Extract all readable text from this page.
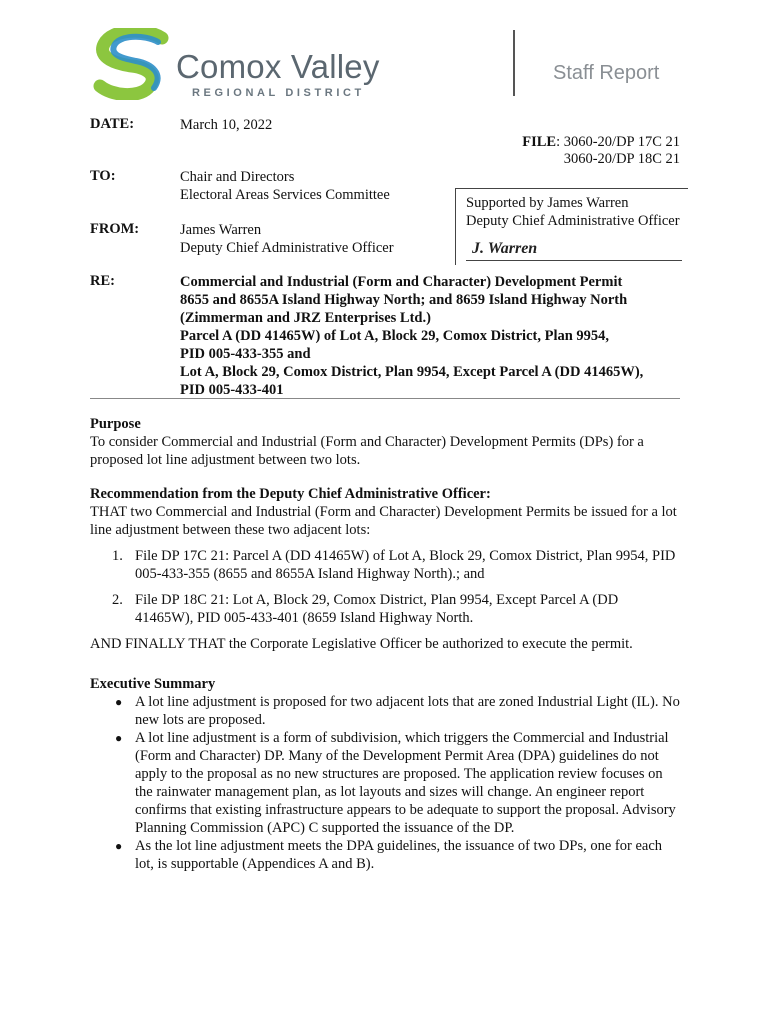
Comox Valley
REGIONAL DISTRICT
Staff Report
DATE:	March 10, 2022
FILE: 3060-20/DP 17C 21
3060-20/DP 18C 21
TO:	Chair and Directors
Electoral Areas Services Committee
FROM:	James Warren
Deputy Chief Administrative Officer
Supported by James Warren
Deputy Chief Administrative Officer
J. Warren
RE:	Commercial and Industrial (Form and Character) Development Permit
8655 and 8655A Island Highway North; and 8659 Island Highway North
(Zimmerman and JRZ Enterprises Ltd.)
Parcel A (DD 41465W) of Lot A, Block 29, Comox District, Plan 9954,
PID 005-433-355 and
Lot A, Block 29, Comox District, Plan 9954, Except Parcel A (DD 41465W),
PID 005-433-401
Purpose
To consider Commercial and Industrial (Form and Character) Development Permits (DPs) for a proposed lot line adjustment between two lots.
Recommendation from the Deputy Chief Administrative Officer:
THAT two Commercial and Industrial (Form and Character) Development Permits be issued for a lot line adjustment between these two adjacent lots:
1. File DP 17C 21: Parcel A (DD 41465W) of Lot A, Block 29, Comox District, Plan 9954, PID 005-433-355 (8655 and 8655A Island Highway North).; and
2. File DP 18C 21: Lot A, Block 29, Comox District, Plan 9954, Except Parcel A (DD 41465W), PID 005-433-401 (8659 Island Highway North.
AND FINALLY THAT the Corporate Legislative Officer be authorized to execute the permit.
Executive Summary
● A lot line adjustment is proposed for two adjacent lots that are zoned Industrial Light (IL). No new lots are proposed.
● A lot line adjustment is a form of subdivision, which triggers the Commercial and Industrial (Form and Character) DP. Many of the Development Permit Area (DPA) guidelines do not apply to the proposal as no new structures are proposed. The application review focuses on the rainwater management plan, as lot layouts and sizes will change. An engineer report confirms that existing infrastructure appears to be adequate to support the proposal. Advisory Planning Commission (APC) C supported the issuance of the DP.
● As the lot line adjustment meets the DPA guidelines, the issuance of two DPs, one for each lot, is supportable (Appendices A and B).
